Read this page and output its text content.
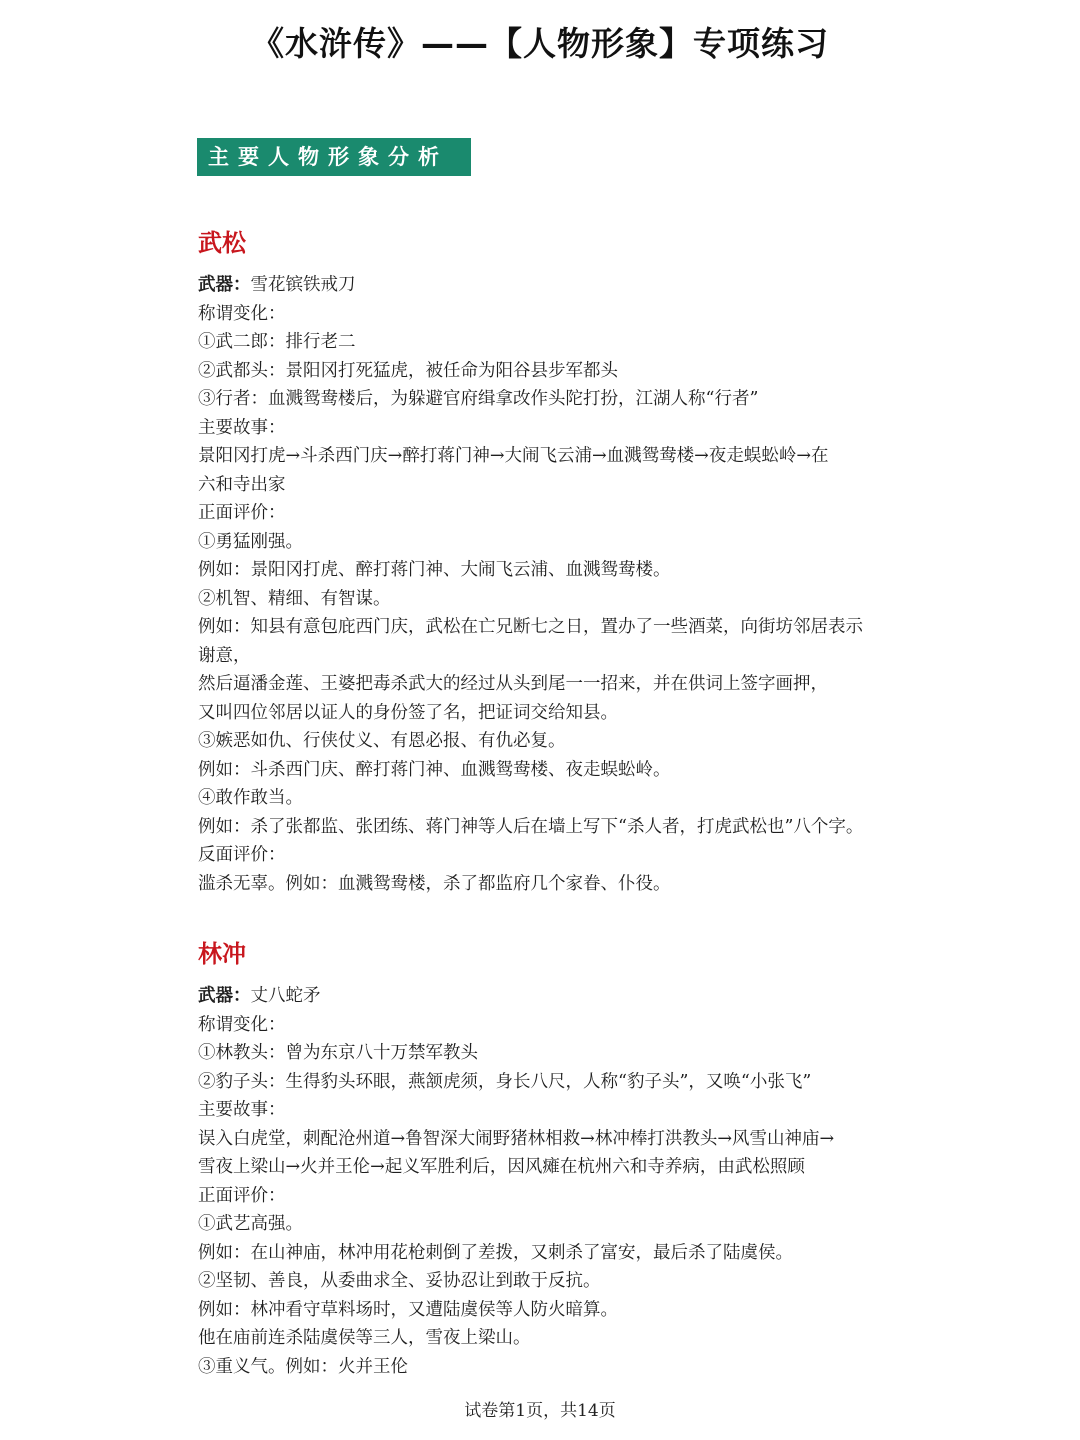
《水浒传》——【人物形象】专项练习
主要人物形象分析
武松
武器：雪花镔铁戒刀
称谓变化：
①武二郎：排行老二
②武都头：景阳冈打死猛虎，被任命为阳谷县步军都头
③行者：血溅鸳鸯楼后，为躲避官府缉拿改作头陀打扮，江湖人称“行者”
主要故事：
景阳冈打虎→斗杀西门庆→醉打蒋门神→大闹飞云浦→血溅鸳鸯楼→夜走蜈蚣岭→在
六和寺出家
正面评价：
①勇猛刚强。
例如：景阳冈打虎、醉打蒋门神、大闹飞云浦、血溅鸳鸯楼。
②机智、精细、有智谋。
例如：知县有意包庇西门庆，武松在亡兄断七之日，置办了一些酒菜，向街坊邻居表示
谢意，
然后逼潘金莲、王婆把毒杀武大的经过从头到尾一一招来，并在供词上签字画押，
又叫四位邻居以证人的身份签了名，把证词交给知县。
③嫉恶如仇、行侠仗义、有恩必报、有仇必复。
例如：斗杀西门庆、醉打蒋门神、血溅鸳鸯楼、夜走蜈蚣岭。
④敢作敢当。
例如：杀了张都监、张团练、蒋门神等人后在墙上写下“杀人者，打虎武松也”八个字。
反面评价：
滥杀无辜。例如：血溅鸳鸯楼，杀了都监府几个家眷、仆役。
林冲
武器：丈八蛇矛
称谓变化：
①林教头：曾为东京八十万禁军教头
②豹子头：生得豹头环眼，燕颔虎须，身长八尺，人称“豹子头”，又唤“小张飞”
主要故事：
误入白虎堂，刺配沧州道→鲁智深大闹野猪林相救→林冲棒打洪教头→风雪山神庙→
雪夜上梁山→火并王伦→起义军胜利后，因风瘫在杭州六和寺养病，由武松照顾
正面评价：
①武艺高强。
例如：在山神庙，林冲用花枪刺倒了差拨，又刺杀了富安，最后杀了陆虞侯。
②坚韧、善良，从委曲求全、妥协忍让到敢于反抗。
例如：林冲看守草料场时，又遭陆虞侯等人防火暗算。
他在庙前连杀陆虞侯等三人，雪夜上梁山。
③重义气。例如：火并王伦
试卷第1页，共14页
